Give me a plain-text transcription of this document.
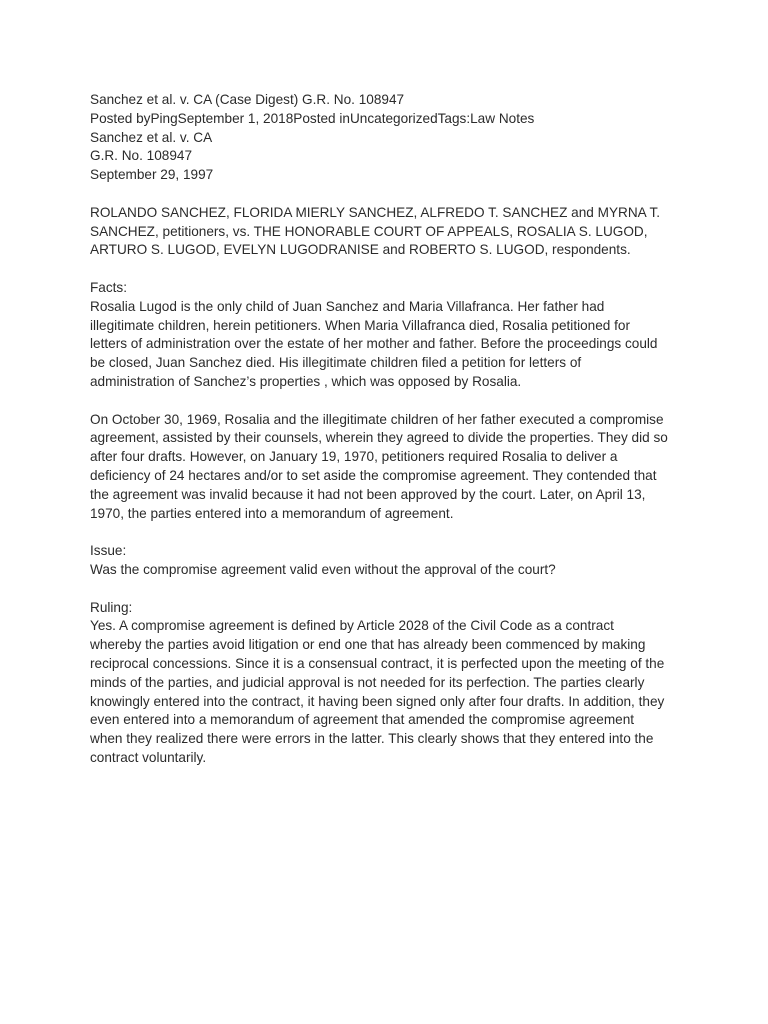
Sanchez et al. v. CA (Case Digest) G.R. No. 108947
Posted byPingSeptember 1, 2018Posted inUncategorizedTags:Law Notes
Sanchez et al. v. CA
G.R. No. 108947
September 29, 1997
ROLANDO SANCHEZ, FLORIDA MIERLY SANCHEZ, ALFREDO T. SANCHEZ and MYRNA T.
SANCHEZ, petitioners, vs. THE HONORABLE COURT OF APPEALS, ROSALIA S. LUGOD,
ARTURO S. LUGOD, EVELYN LUGODRANISE and ROBERTO S. LUGOD, respondents.
Facts:
Rosalia Lugod is the only child of Juan Sanchez and Maria Villafranca. Her father had
illegitimate children, herein petitioners. When Maria Villafranca died, Rosalia petitioned for
letters of administration over the estate of her mother and father. Before the proceedings could
be closed, Juan Sanchez died. His illegitimate children filed a petition for letters of
administration of Sanchez’s properties , which was opposed by Rosalia.
On October 30, 1969, Rosalia and the illegitimate children of her father executed a compromise
agreement, assisted by their counsels, wherein they agreed to divide the properties. They did so
after four drafts. However, on January 19, 1970, petitioners required Rosalia to deliver a
deficiency of 24 hectares and/or to set aside the compromise agreement. They contended that
the agreement was invalid because it had not been approved by the court. Later, on April 13,
1970, the parties entered into a memorandum of agreement.
Issue:
Was the compromise agreement valid even without the approval of the court?
Ruling:
Yes. A compromise agreement is defined by Article 2028 of the Civil Code as a contract
whereby the parties avoid litigation or end one that has already been commenced by making
reciprocal concessions. Since it is a consensual contract, it is perfected upon the meeting of the
minds of the parties, and judicial approval is not needed for its perfection. The parties clearly
knowingly entered into the contract, it having been signed only after four drafts. In addition, they
even entered into a memorandum of agreement that amended the compromise agreement
when they realized there were errors in the latter. This clearly shows that they entered into the
contract voluntarily.
